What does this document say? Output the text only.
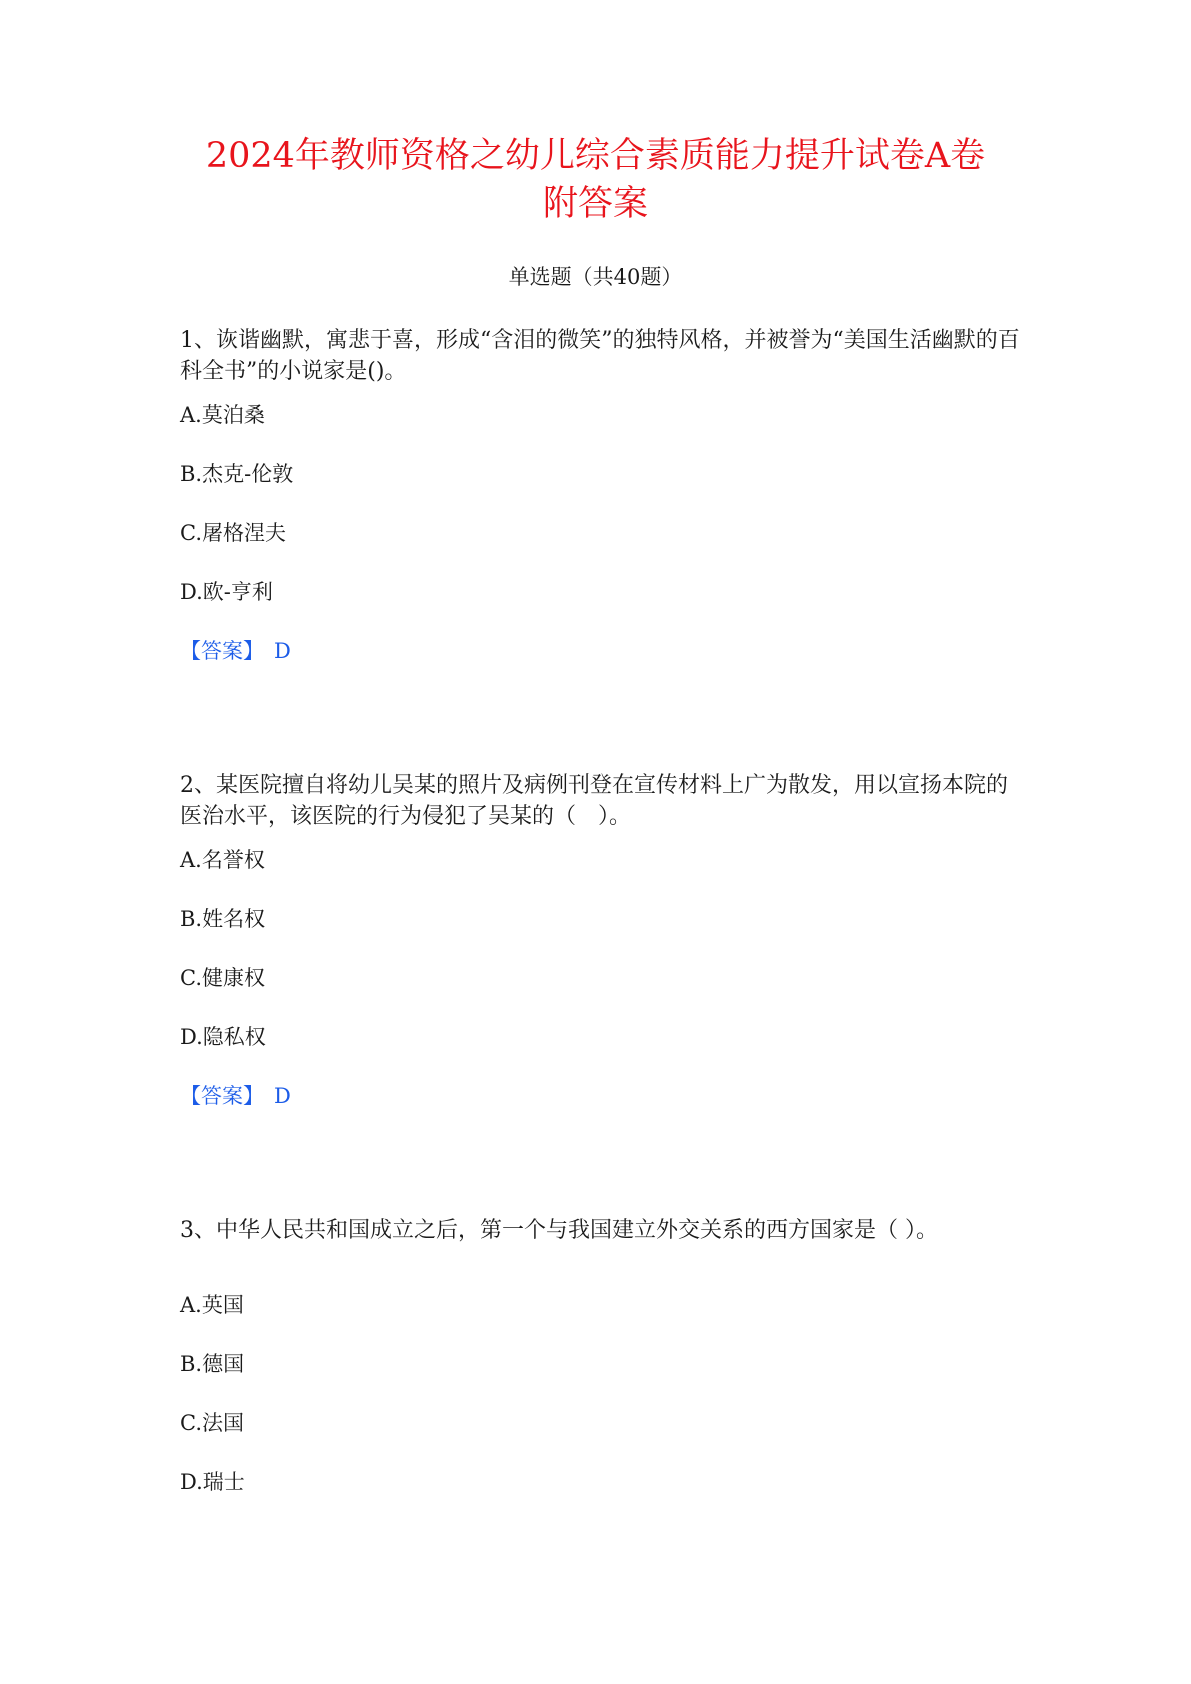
2024年教师资格之幼儿综合素质能力提升试卷A卷
附答案
单选题（共40题）

1、诙谐幽默，寓悲于喜，形成“含泪的微笑”的独特风格，并被誉为“美国生活幽默的百科全书”的小说家是()。

A.莫泊桑

B.杰克-伦敦

C.屠格涅夫

D.欧-亨利

【答案】 D

2、某医院擅自将幼儿吴某的照片及病例刊登在宣传材料上广为散发，用以宣扬本院的医治水平，该医院的行为侵犯了吴某的（　）。

A.名誉权

B.姓名权

C.健康权

D.隐私权

【答案】 D

3、中华人民共和国成立之后，第一个与我国建立外交关系的西方国家是（ ）。

A.英国

B.德国

C.法国

D.瑞士
